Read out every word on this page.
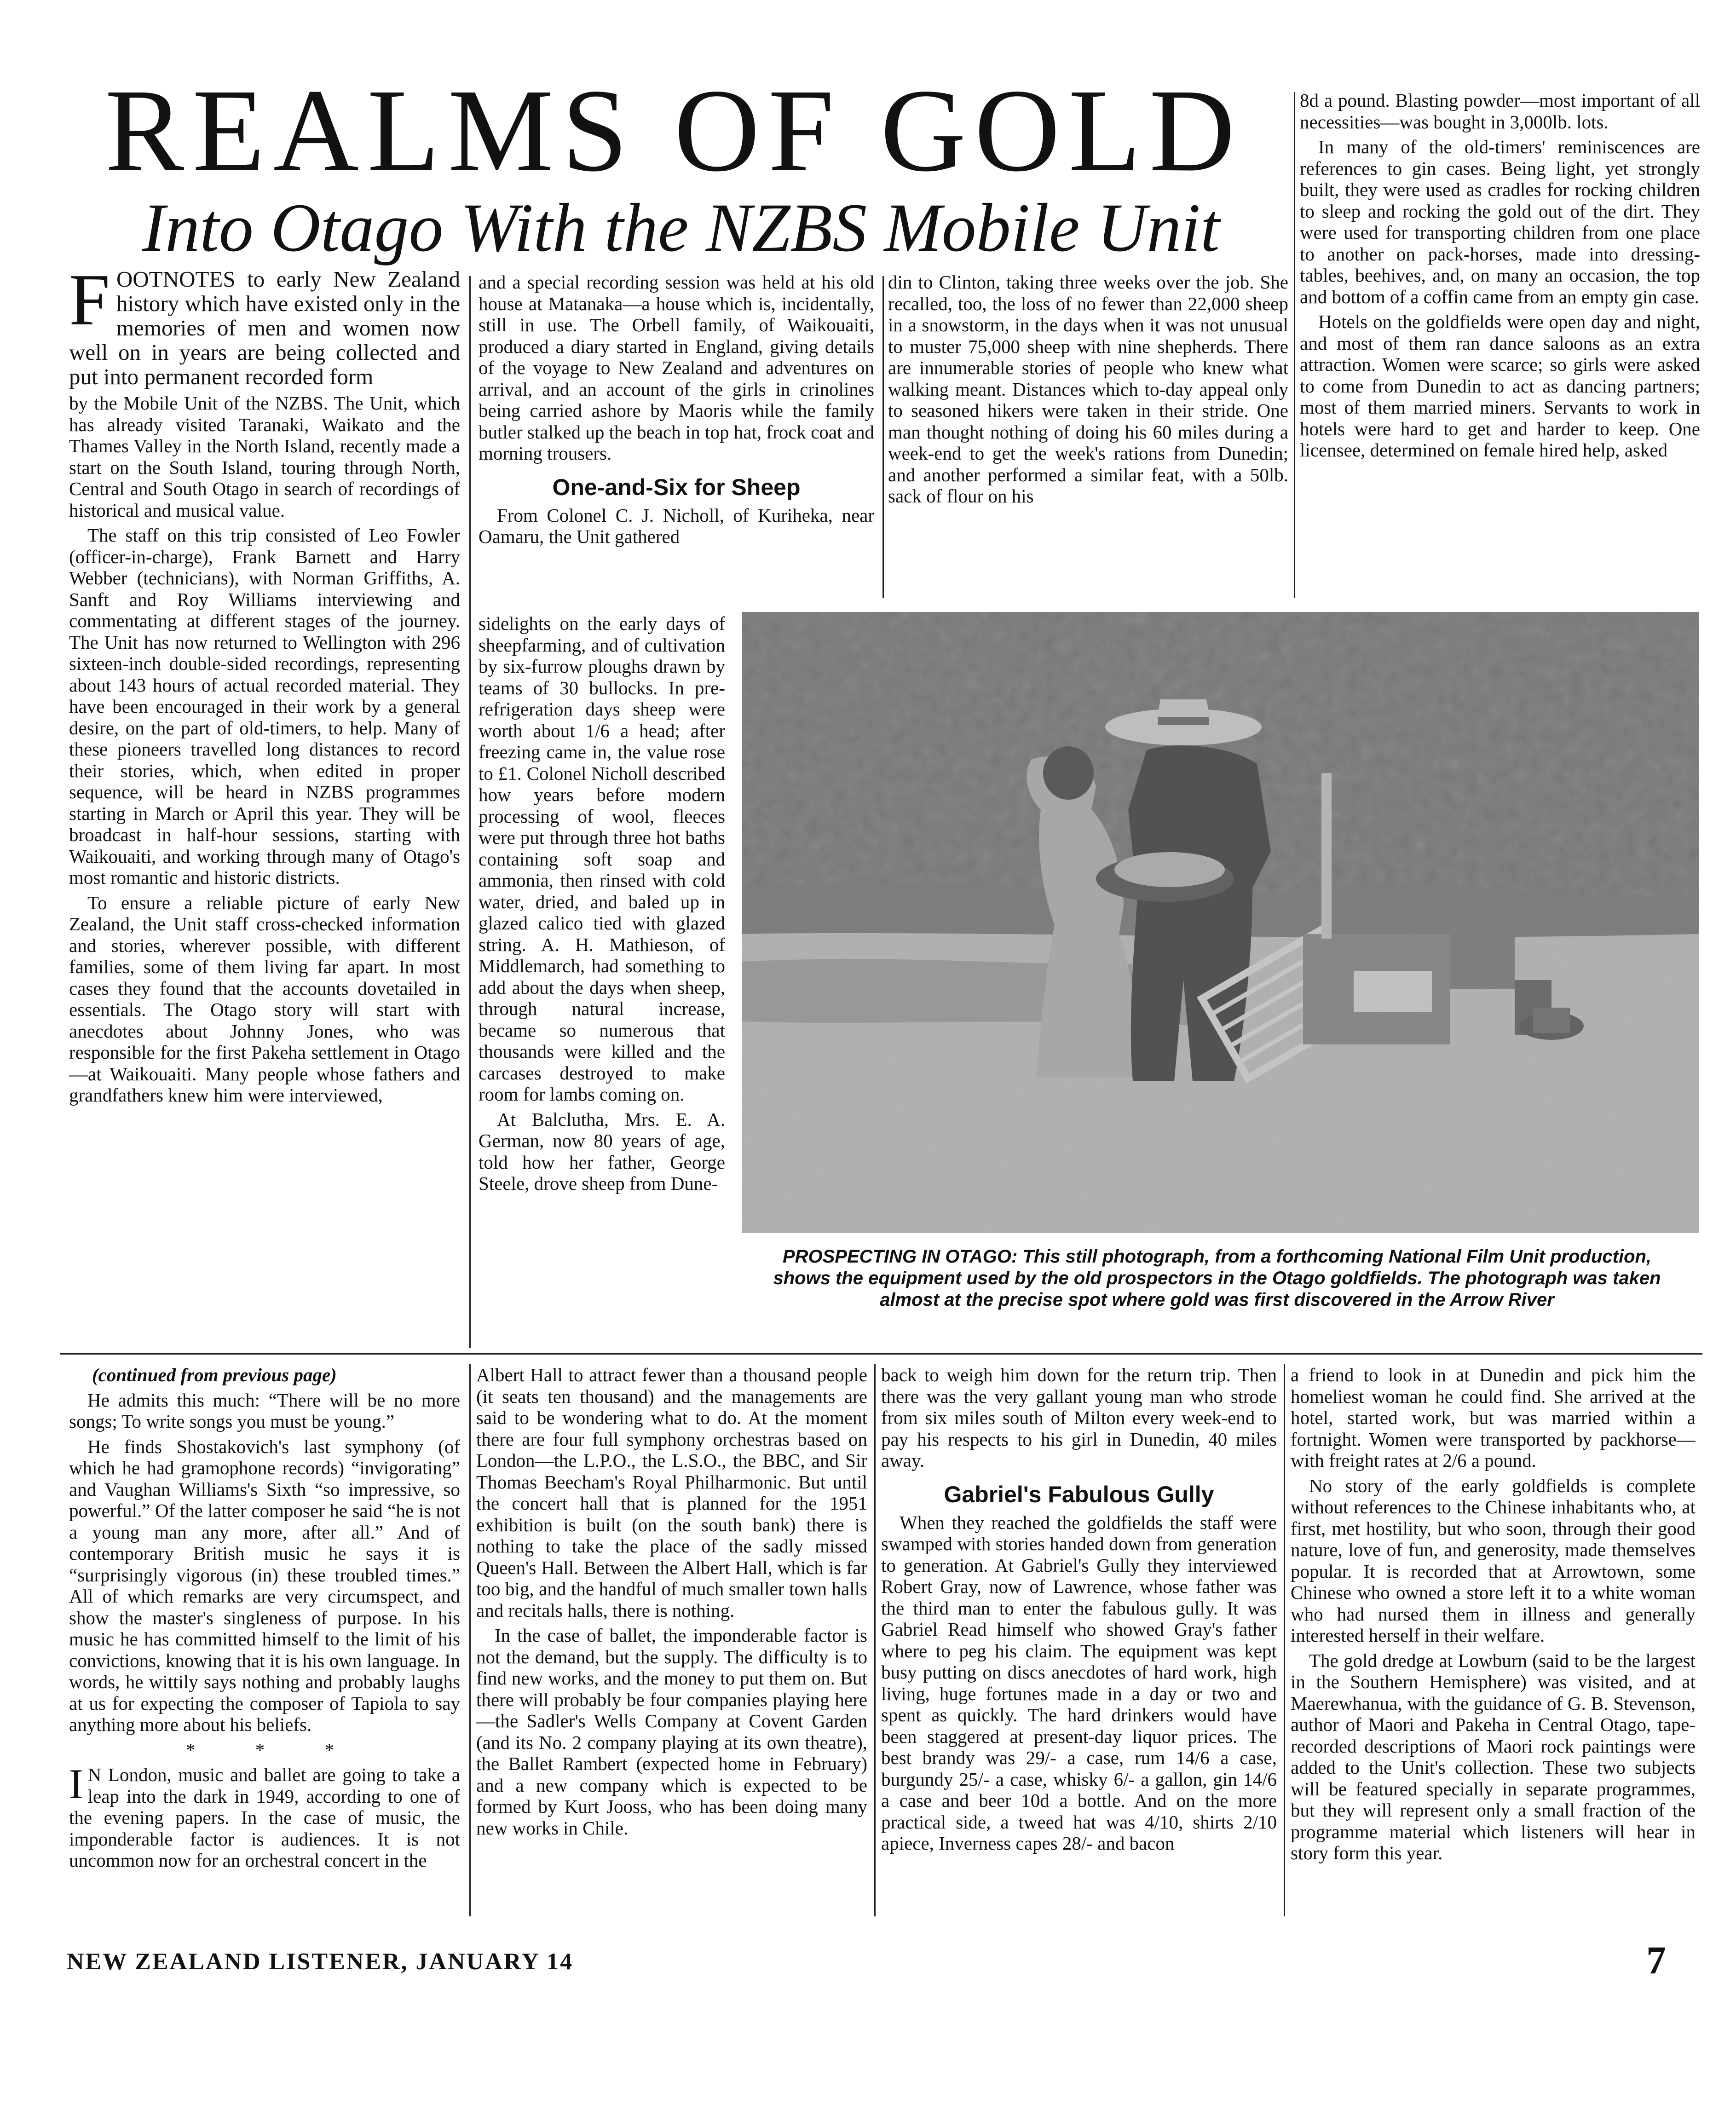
REALMS OF GOLD
Into Otago With the NZBS Mobile Unit

FOOTNOTES to early New Zealand history which have existed only in the memories of men and women now well on in years are being collected and put into permanent recorded form

by the Mobile Unit of the NZBS. The Unit, which has already visited Taranaki, Waikato and the Thames Valley in the North Island, recently made a start on the South Island, touring through North, Central and South Otago in search of recordings of historical and musical value.

The staff on this trip consisted of Leo Fowler (officer-in-charge), Frank Barnett and Harry Webber (technicians), with Norman Griffiths, A. Sanft and Roy Williams interviewing and commentating at different stages of the journey. The Unit has now returned to Wellington with 296 sixteen-inch double-sided recordings, representing about 143 hours of actual recorded material. They have been encouraged in their work by a general desire, on the part of old-timers, to help. Many of these pioneers travelled long distances to record their stories, which, when edited in proper sequence, will be heard in NZBS programmes starting in March or April this year. They will be broadcast in half-hour sessions, starting with Waikouaiti, and working through many of Otago's most romantic and historic districts.

To ensure a reliable picture of early New Zealand, the Unit staff cross-checked information and stories, wherever possible, with different families, some of them living far apart. In most cases they found that the accounts dovetailed in essentials. The Otago story will start with anecdotes about Johnny Jones, who was responsible for the first Pakeha settlement in Otago—at Waikouaiti. Many people whose fathers and grandfathers knew him were interviewed,

and a special recording session was held at his old house at Matanaka—a house which is, incidentally, still in use. The Orbell family, of Waikouaiti, produced a diary started in England, giving details of the voyage to New Zealand and adventures on arrival, and an account of the girls in crinolines being carried ashore by Maoris while the family butler stalked up the beach in top hat, frock coat and morning trousers.

One-and-Six for Sheep

From Colonel C. J. Nicholl, of Kuriheka, near Oamaru, the Unit gathered

sidelights on the early days of sheepfarming, and of cultivation by six-furrow ploughs drawn by teams of 30 bullocks. In pre-refrigeration days sheep were worth about 1/6 a head; after freezing came in, the value rose to £1. Colonel Nicholl described how years before modern processing of wool, fleeces were put through three hot baths containing soft soap and ammonia, then rinsed with cold water, dried, and baled up in glazed calico tied with glazed string. A. H. Mathieson, of Middlemarch, had something to add about the days when sheep, through natural increase, became so numerous that thousands were killed and the carcases destroyed to make room for lambs coming on.

At Balclutha, Mrs. E. A. German, now 80 years of age, told how her father, George Steele, drove sheep from Dune-

din to Clinton, taking three weeks over the job. She recalled, too, the loss of no fewer than 22,000 sheep in a snowstorm, in the days when it was not unusual to muster 75,000 sheep with nine shepherds. There are innumerable stories of people who knew what walking meant. Distances which to-day appeal only to seasoned hikers were taken in their stride. One man thought nothing of doing his 60 miles during a week-end to get the week's rations from Dunedin; and another performed a similar feat, with a 50lb. sack of flour on his

8d a pound. Blasting powder—most important of all necessities—was bought in 3,000lb. lots.

In many of the old-timers' reminiscences are references to gin cases. Being light, yet strongly built, they were used as cradles for rocking children to sleep and rocking the gold out of the dirt. They were used for transporting children from one place to another on pack-horses, made into dressing-tables, beehives, and, on many an occasion, the top and bottom of a coffin came from an empty gin case.

Hotels on the goldfields were open day and night, and most of them ran dance saloons as an extra attraction. Women were scarce; so girls were asked to come from Dunedin to act as dancing partners; most of them married miners. Servants to work in hotels were hard to get and harder to keep. One licensee, determined on female hired help, asked

PROSPECTING IN OTAGO: This still photograph, from a forthcoming National Film Unit production, shows the equipment used by the old prospectors in the Otago goldfields. The photograph was taken almost at the precise spot where gold was first discovered in the Arrow River

(continued from previous page)

He admits this much: “There will be no more songs; To write songs you must be young.”

He finds Shostakovich's last symphony (of which he had gramophone records) “invigorating” and Vaughan Williams's Sixth “so impressive, so powerful.” Of the latter composer he said “he is not a young man any more, after all.” And of contemporary British music he says it is “surprisingly vigorous (in) these troubled times.” All of which remarks are very circumspect, and show the master's singleness of purpose. In his music he has committed himself to the limit of his convictions, knowing that it is his own language. In words, he wittily says nothing and probably laughs at us for expecting the composer of Tapiola to say anything more about his beliefs.

* * *

I N London, music and ballet are going to take a leap into the dark in 1949, according to one of the evening papers. In the case of music, the imponderable factor is audiences. It is not uncommon now for an orchestral concert in the

Albert Hall to attract fewer than a thousand people (it seats ten thousand) and the managements are said to be wondering what to do. At the moment there are four full symphony orchestras based on London—the L.P.O., the L.S.O., the BBC, and Sir Thomas Beecham's Royal Philharmonic. But until the concert hall that is planned for the 1951 exhibition is built (on the south bank) there is nothing to take the place of the sadly missed Queen's Hall. Between the Albert Hall, which is far too big, and the handful of much smaller town halls and recitals halls, there is nothing.

In the case of ballet, the imponderable factor is not the demand, but the supply. The difficulty is to find new works, and the money to put them on. But there will probably be four companies playing here—the Sadler's Wells Company at Covent Garden (and its No. 2 company playing at its own theatre), the Ballet Rambert (expected home in February) and a new company which is expected to be formed by Kurt Jooss, who has been doing many new works in Chile.

back to weigh him down for the return trip. Then there was the very gallant young man who strode from six miles south of Milton every week-end to pay his respects to his girl in Dunedin, 40 miles away.

Gabriel's Fabulous Gully

When they reached the goldfields the staff were swamped with stories handed down from generation to generation. At Gabriel's Gully they interviewed Robert Gray, now of Lawrence, whose father was the third man to enter the fabulous gully. It was Gabriel Read himself who showed Gray's father where to peg his claim. The equipment was kept busy putting on discs anecdotes of hard work, high living, huge fortunes made in a day or two and spent as quickly. The hard drinkers would have been staggered at present-day liquor prices. The best brandy was 29/- a case, rum 14/6 a case, burgundy 25/- a case, whisky 6/- a gallon, gin 14/6 a case and beer 10d a bottle. And on the more practical side, a tweed hat was 4/10, shirts 2/10 apiece, Inverness capes 28/- and bacon

a friend to look in at Dunedin and pick him the homeliest woman he could find. She arrived at the hotel, started work, but was married within a fortnight. Women were transported by packhorse—with freight rates at 2/6 a pound.

No story of the early goldfields is complete without references to the Chinese inhabitants who, at first, met hostility, but who soon, through their good nature, love of fun, and generosity, made themselves popular. It is recorded that at Arrowtown, some Chinese who owned a store left it to a white woman who had nursed them in illness and generally interested herself in their welfare.

The gold dredge at Lowburn (said to be the largest in the Southern Hemisphere) was visited, and at Maerewhanua, with the guidance of G. B. Stevenson, author of Maori and Pakeha in Central Otago, tape-recorded descriptions of Maori rock paintings were added to the Unit's collection. These two subjects will be featured specially in separate programmes, but they will represent only a small fraction of the programme material which listeners will hear in story form this year.

NEW ZEALAND LISTENER, JANUARY 14	7
